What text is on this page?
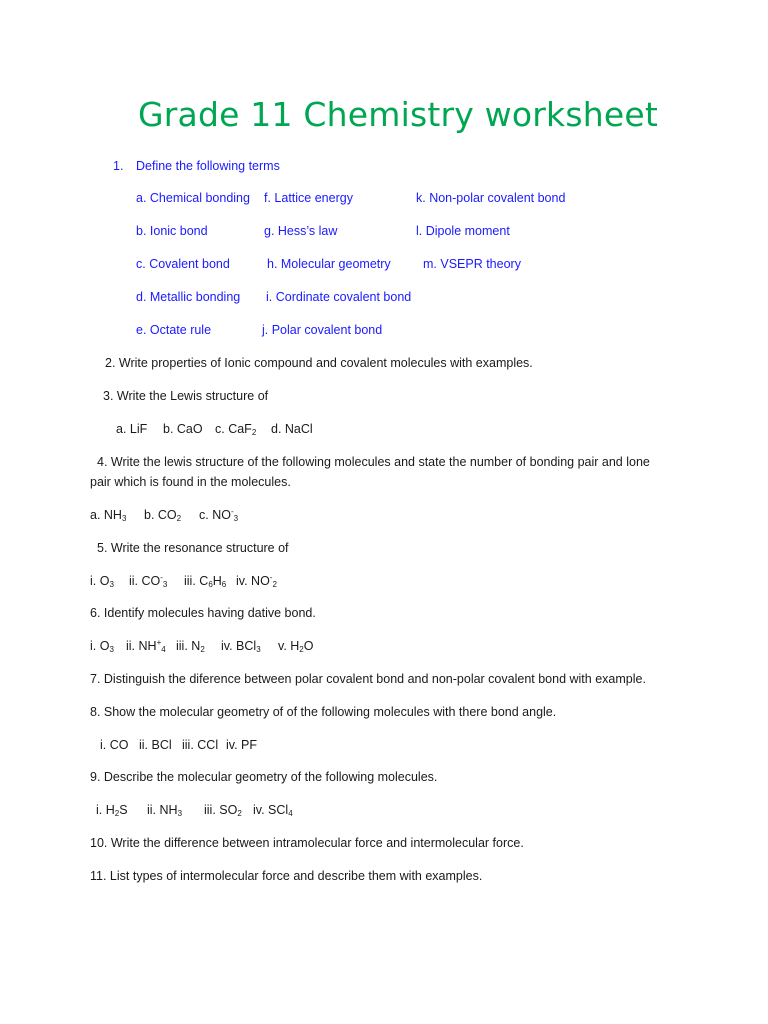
Grade 11 Chemistry worksheet
1. Define the following terms
a. Chemical bonding f. Lattice energy	k. Non-polar covalent bond
b. Ionic bond	g. Hess’s law	l. Dipole moment
c. Covalent bond	h. Molecular geometry	m. VSEPR theory
d. Metallic bonding i. Cordinate covalent bond
e. Octate rule	j. Polar covalent bond
2. Write properties of Ionic compound and covalent molecules with examples.
3. Write the Lewis structure of
a. LiF b. CaO c. CaF$_2$ d. NaCl
4. Write the lewis structure of the following molecules and state the number of bonding pair and lone
pair which is found in the molecules.
a. $NH_3$ b. $CO_2$ c. $NO^-_3$
5. Write the resonance structure of
i. $O_3$ ii. $CO^-_3$ iii. $C_6H_6$ iv. $NO^-_2$
6. Identify molecules having dative bond.
i. $O_3$ ii. $NH^+_4$ iii. $N_2$ iv. BCl$_3$ v. $H_2O$
7. Distinguish the diference between polar covalent bond and non-polar covalent bond with example.
8. Show the molecular geometry of of the following molecules with there bond angle.
i. CO ii. BCl iii. CCl iv. PF
9. Describe the molecular geometry of the following molecules.
i. $H_2S$ ii. $NH_3$ iii. $SO_2$ iv. SCl$_4$
10. Write the difference between intramolecular force and intermolecular force.
11. List types of intermolecular force and describe them with examples.
